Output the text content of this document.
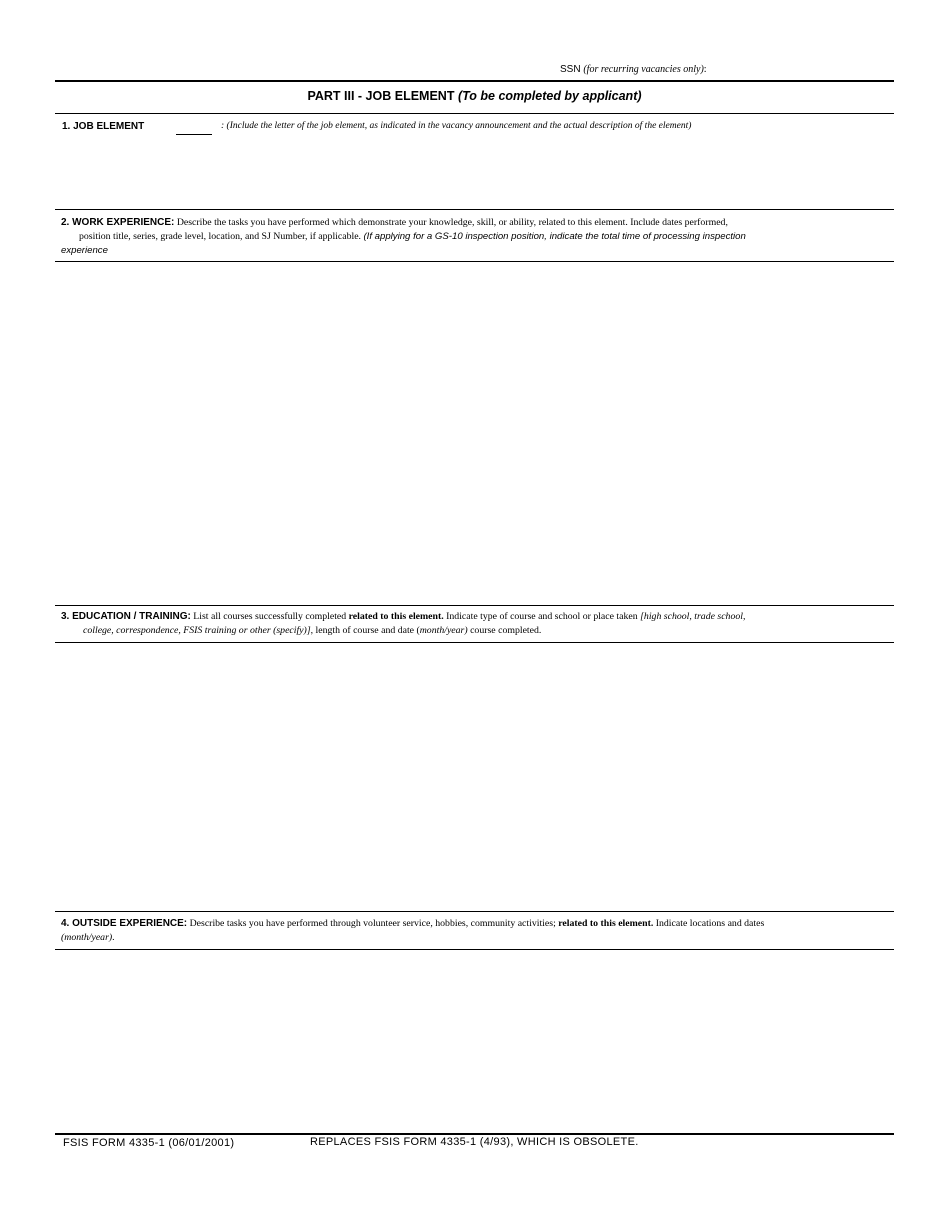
SSN (for recurring vacancies only):
PART III - JOB ELEMENT (To be completed by applicant)
1. JOB ELEMENT	: (Include the letter of the job element, as indicated in the vacancy announcement and the actual description of the element)
2. WORK EXPERIENCE: Describe the tasks you have performed which demonstrate your knowledge, skill, or ability, related to this element. Include dates performed,
position title, series, grade level, location, and SJ Number, if applicable. (If applying for a GS-10 inspection position, indicate the total time of processing inspection
experience
3. EDUCATION / TRAINING: List all courses successfully completed related to this element. Indicate type of course and school or place taken [high school, trade school,
college, correspondence, FSIS training or other (specify)], length of course and date (month/year) course completed.
4. OUTSIDE EXPERIENCE: Describe tasks you have performed through volunteer service, hobbies, community activities; related to this element. Indicate locations and dates
(month/year).
FSIS FORM 4335-1 (06/01/2001)	REPLACES FSIS FORM 4335-1 (4/93), WHICH IS OBSOLETE.
